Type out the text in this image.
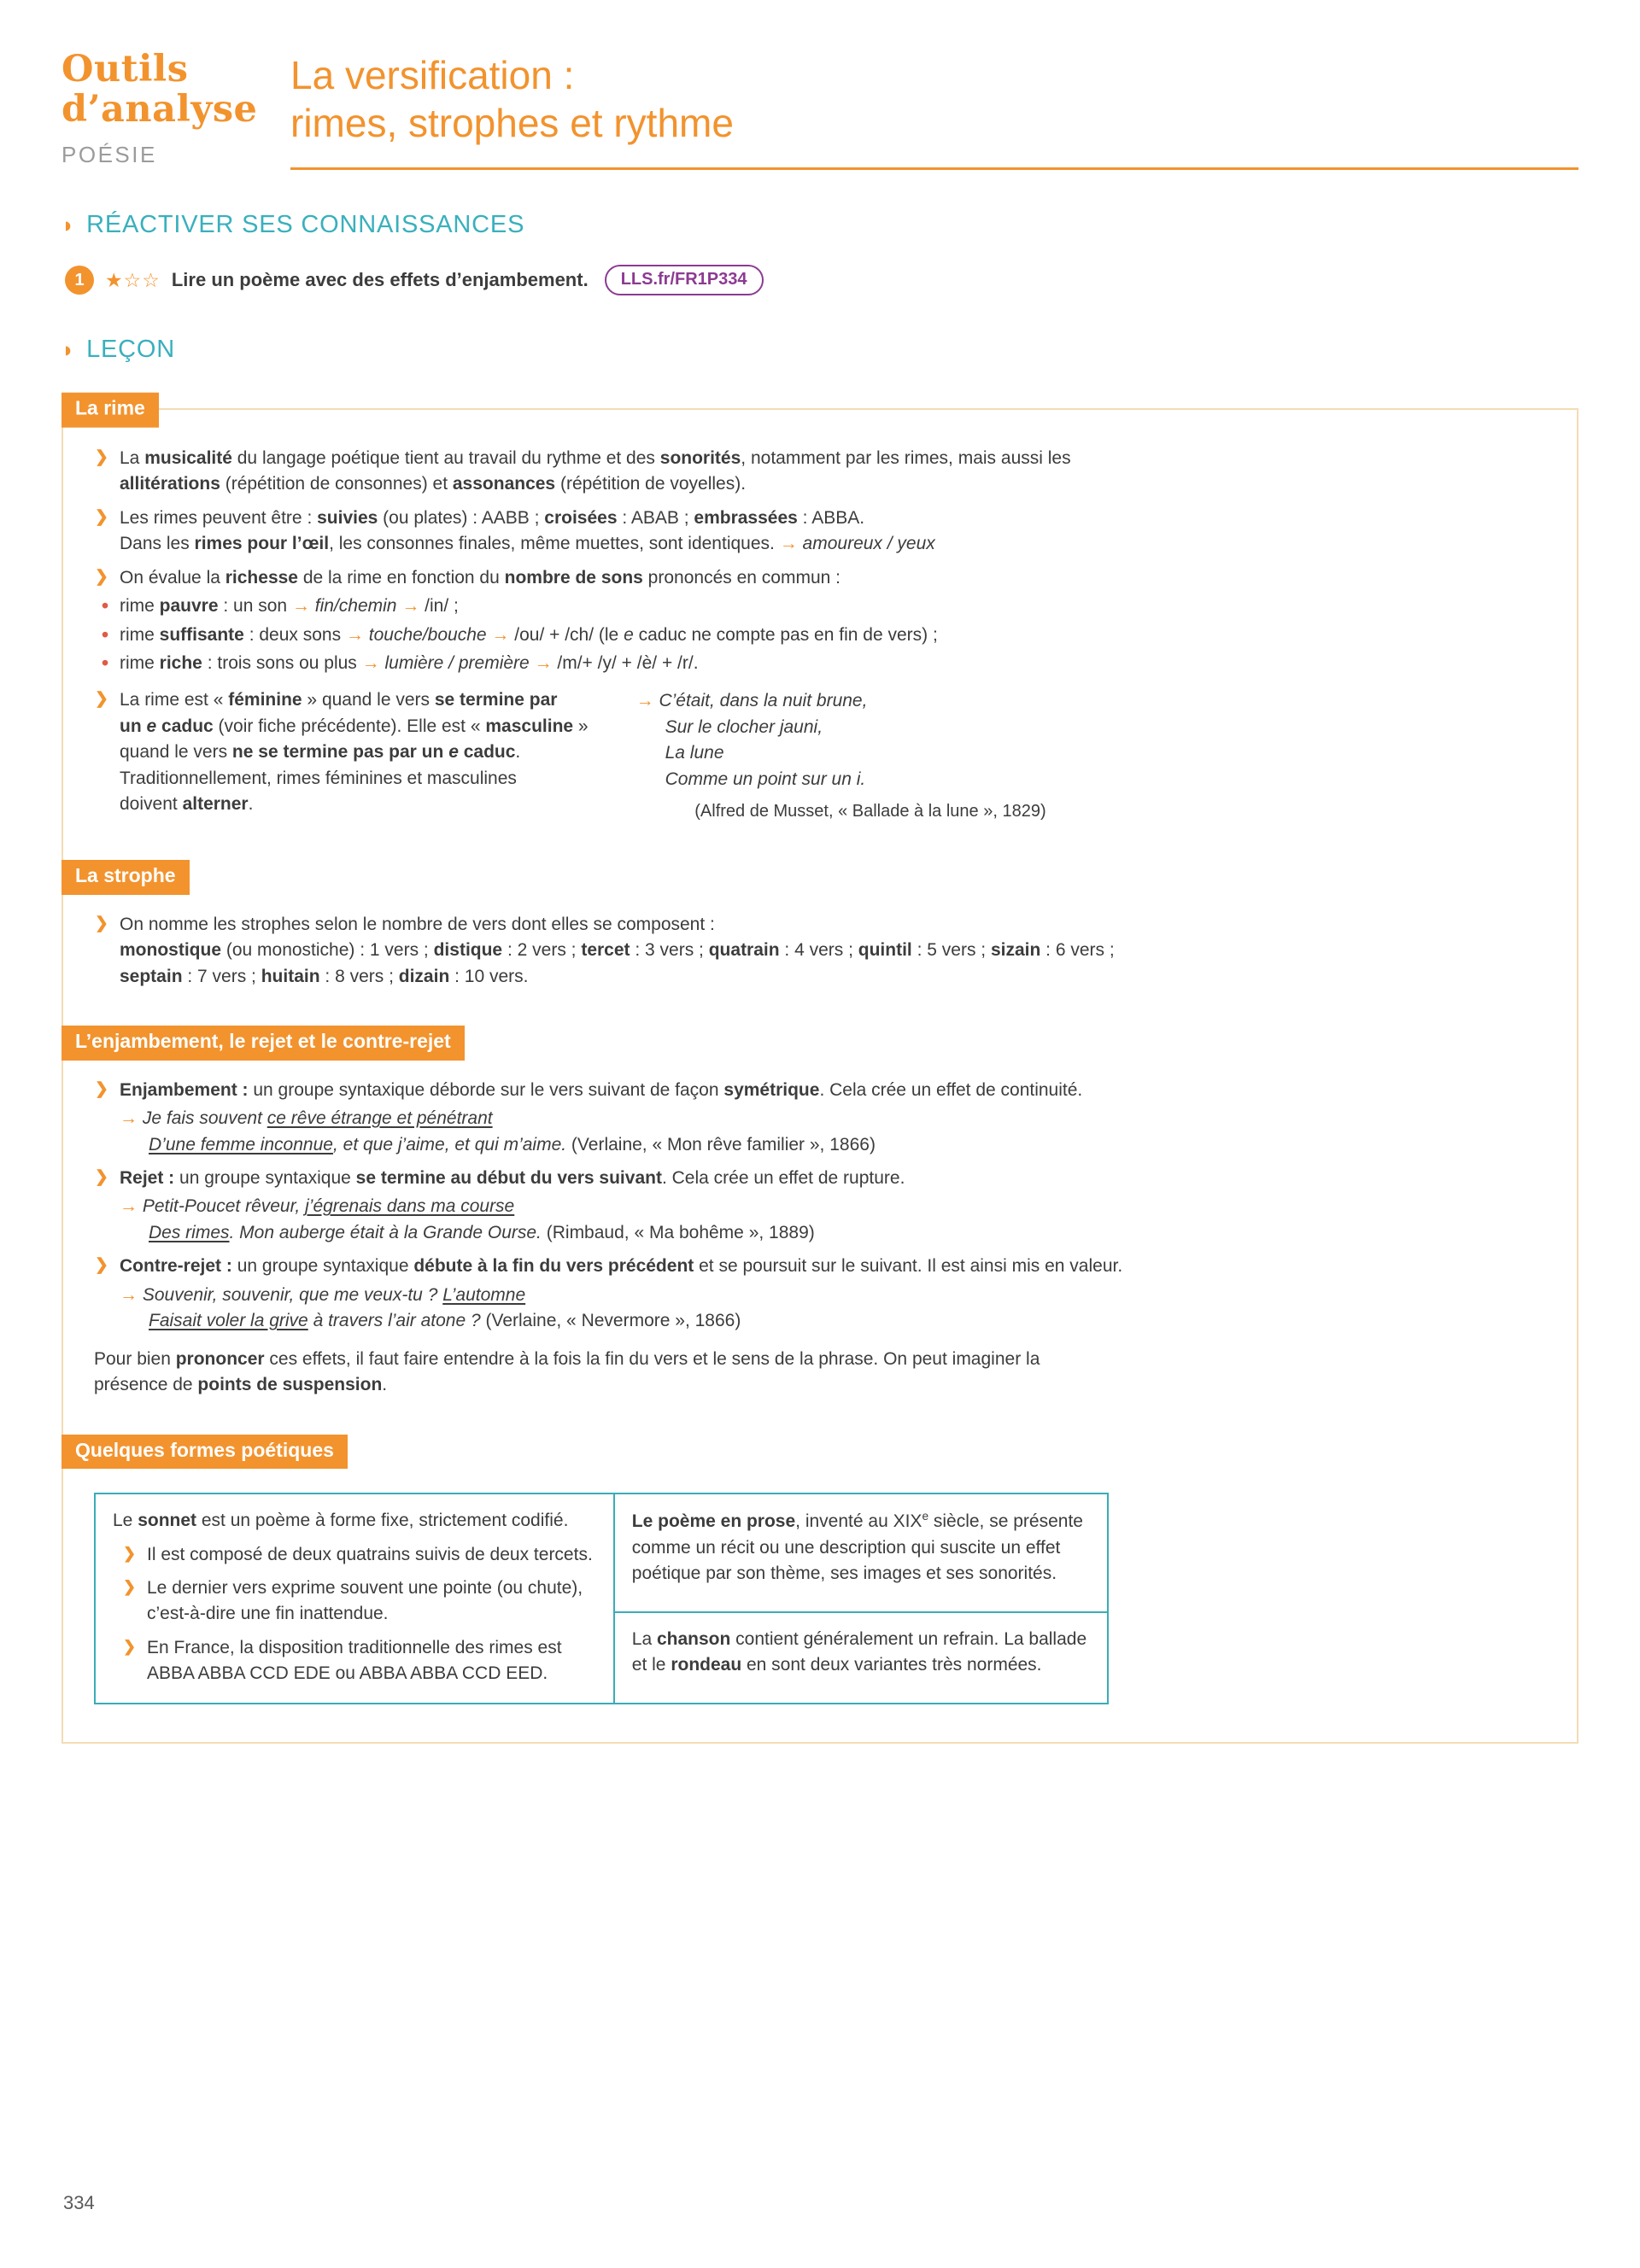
Outils
d’analyse
POÉSIE
La versification :
rimes, strophes et rythme
◗ RÉACTIVER SES CONNAISSANCES
1	★☆☆ Lire un poème avec des effets d’enjambement.	LLS.fr/FR1P334
◗ LEÇON
La rime
❯ La musicalité du langage poétique tient au travail du rythme et des sonorités, notamment par les rimes, mais aussi les
allitérations (répétition de consonnes) et assonances (répétition de voyelles).
❯ Les rimes peuvent être : suivies (ou plates) : AABB ; croisées : ABAB ; embrassées : ABBA.
Dans les rimes pour l’œil, les consonnes finales, même muettes, sont identiques. → amoureux / yeux
❯ On évalue la richesse de la rime en fonction du nombre de sons prononcés en commun :
• rime pauvre : un son → fin/chemin → /in/ ;
• rime suffisante : deux sons → touche/bouche → /ou/ + /ch/ (le e caduc ne compte pas en fin de vers) ;
• rime riche : trois sons ou plus → lumière / première → /m/+ /y/ + /è/ + /r/.
❯ La rime est « féminine » quand le vers se termine par
un e caduc (voir fiche précédente). Elle est « masculine »
quand le vers ne se termine pas par un e caduc.
Traditionnellement, rimes féminines et masculines
doivent alterner.
→ C’était, dans la nuit brune,
Sur le clocher jauni,
La lune
Comme un point sur un i.
(Alfred de Musset, « Ballade à la lune », 1829)
La strophe
❯ On nomme les strophes selon le nombre de vers dont elles se composent :
monostique (ou monostiche) : 1 vers ; distique : 2 vers ; tercet : 3 vers ; quatrain : 4 vers ; quintil : 5 vers ; sizain : 6 vers ;
septain : 7 vers ; huitain : 8 vers ; dizain : 10 vers.
L’enjambement, le rejet et le contre-rejet
❯ Enjambement : un groupe syntaxique déborde sur le vers suivant de façon symétrique. Cela crée un effet de continuité.
→ Je fais souvent ce rêve étrange et pénétrant
D’une femme inconnue, et que j’aime, et qui m’aime. (Verlaine, « Mon rêve familier », 1866)
❯ Rejet : un groupe syntaxique se termine au début du vers suivant. Cela crée un effet de rupture.
→ Petit-Poucet rêveur, j’égrenais dans ma course
Des rimes. Mon auberge était à la Grande Ourse. (Rimbaud, « Ma bohême », 1889)
❯ Contre-rejet : un groupe syntaxique débute à la fin du vers précédent et se poursuit sur le suivant. Il est ainsi mis en valeur.
→ Souvenir, souvenir, que me veux-tu ? L’automne
Faisait voler la grive à travers l’air atone ? (Verlaine, « Nevermore », 1866)
Pour bien prononcer ces effets, il faut faire entendre à la fois la fin du vers et le sens de la phrase. On peut imaginer la
présence de points de suspension.
Quelques formes poétiques
Le sonnet est un poème à forme fixe, strictement codifié.
❯ Il est composé de deux quatrains suivis de deux tercets.
❯ Le dernier vers exprime souvent une pointe (ou chute),
c’est-à-dire une fin inattendue.
❯ En France, la disposition traditionnelle des rimes est
ABBA ABBA CCD EDE ou ABBA ABBA CCD EED.
Le poème en prose, inventé au XIXe siècle, se présente
comme un récit ou une description qui suscite un effet
poétique par son thème, ses images et ses sonorités.
La chanson contient généralement un refrain. La ballade
et le rondeau en sont deux variantes très normées.
334
